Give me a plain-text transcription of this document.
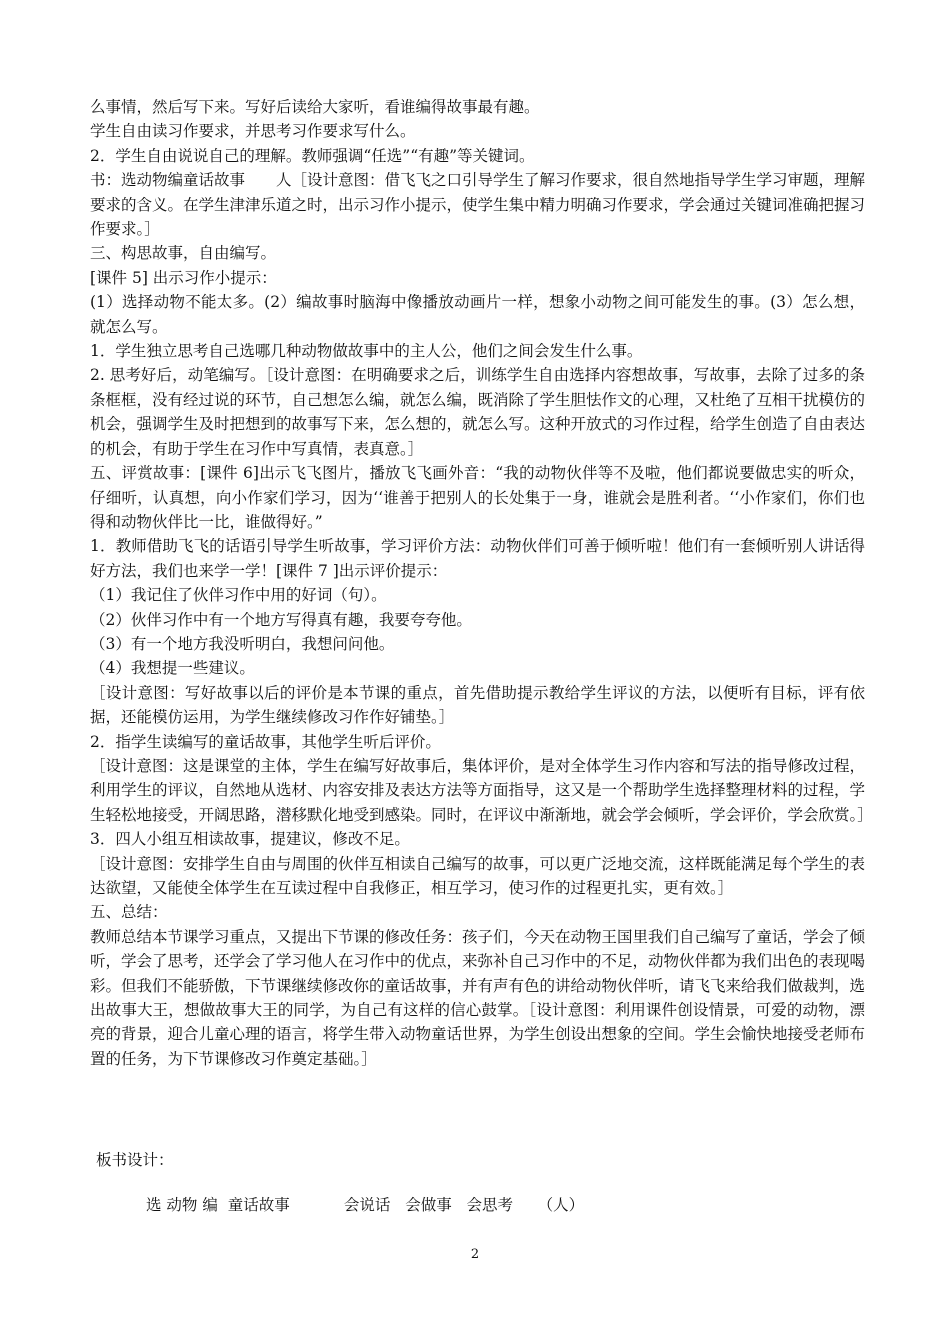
么事情，然后写下来。写好后读给大家听，看谁编得故事最有趣。

学生自由读习作要求，并思考习作要求写什么。

2．学生自由说说自己的理解。教师强调“任选”“有趣”等关键词。

书：选动物编童话故事　　人［设计意图：借飞飞之口引导学生了解习作要求，很自然地指导学生学习审题，理解要求的含义。在学生津津乐道之时，出示习作小提示，使学生集中精力明确习作要求，学会通过关键词准确把握习作要求。］

三、构思故事，自由编写。

[课件 5] 出示习作小提示：

(1）选择动物不能太多。(2）编故事时脑海中像播放动画片一样，想象小动物之间可能发生的事。(3）怎么想，就怎么写。

1．学生独立思考自己选哪几种动物做故事中的主人公，他们之间会发生什么事。

2. 思考好后，动笔编写。［设计意图：在明确要求之后，训练学生自由选择内容想故事，写故事，去除了过多的条条框框，没有经过说的环节，自己想怎么编，就怎么编，既消除了学生胆怯作文的心理，又杜绝了互相干扰模仿的机会，强调学生及时把想到的故事写下来，怎么想的，就怎么写。这种开放式的习作过程，给学生创造了自由表达的机会，有助于学生在习作中写真情，表真意。］

五、评赏故事：[课件 6]出示飞飞图片，播放飞飞画外音：“我的动物伙伴等不及啦，他们都说要做忠实的听众，仔细听，认真想，向小作家们学习，因为‘‘谁善于把别人的长处集于一身，谁就会是胜利者。‘‘小作家们，你们也得和动物伙伴比一比，谁做得好。”

1．教师借助飞飞的话语引导学生听故事，学习评价方法：动物伙伴们可善于倾听啦！他们有一套倾听别人讲话得好方法，我们也来学一学！[课件 7 ]出示评价提示：

（1）我记住了伙伴习作中用的好词（句）。

（2）伙伴习作中有一个地方写得真有趣，我要夸夸他。

（3）有一个地方我没听明白，我想问问他。

（4）我想提一些建议。

［设计意图：写好故事以后的评价是本节课的重点，首先借助提示教给学生评议的方法，以便听有目标，评有依据，还能模仿运用，为学生继续修改习作作好铺垫。］

2．指学生读编写的童话故事，其他学生听后评价。

［设计意图：这是课堂的主体，学生在编写好故事后，集体评价，是对全体学生习作内容和写法的指导修改过程，利用学生的评议，自然地从选材、内容安排及表达方法等方面指导，这又是一个帮助学生选择整理材料的过程，学生轻松地接受，开阔思路，潜移默化地受到感染。同时，在评议中渐渐地，就会学会倾听，学会评价，学会欣赏。］

3．四人小组互相读故事，提建议，修改不足。

［设计意图：安排学生自由与周围的伙伴互相读自己编写的故事，可以更广泛地交流，这样既能满足每个学生的表达欲望，又能使全体学生在互读过程中自我修正，相互学习，使习作的过程更扎实，更有效。］

五、总结：

教师总结本节课学习重点，又提出下节课的修改任务：孩子们，今天在动物王国里我们自己编写了童话，学会了倾听，学会了思考，还学会了学习他人在习作中的优点，来弥补自己习作中的不足，动物伙伴都为我们出色的表现喝彩。但我们不能骄傲，下节课继续修改你的童话故事，并有声有色的讲给动物伙伴听，请飞飞来给我们做裁判，选出故事大王，想做故事大王的同学，为自己有这样的信心鼓掌。［设计意图：利用课件创设情景，可爱的动物，漂亮的背景，迎合儿童心理的语言，将学生带入动物童话世界，为学生创设出想象的空间。学生会愉快地接受老师布置的任务，为下节课修改习作奠定基础。］

板书设计：
选 动物 编  童话故事	会说话   会做事   会思考 （人）
2
